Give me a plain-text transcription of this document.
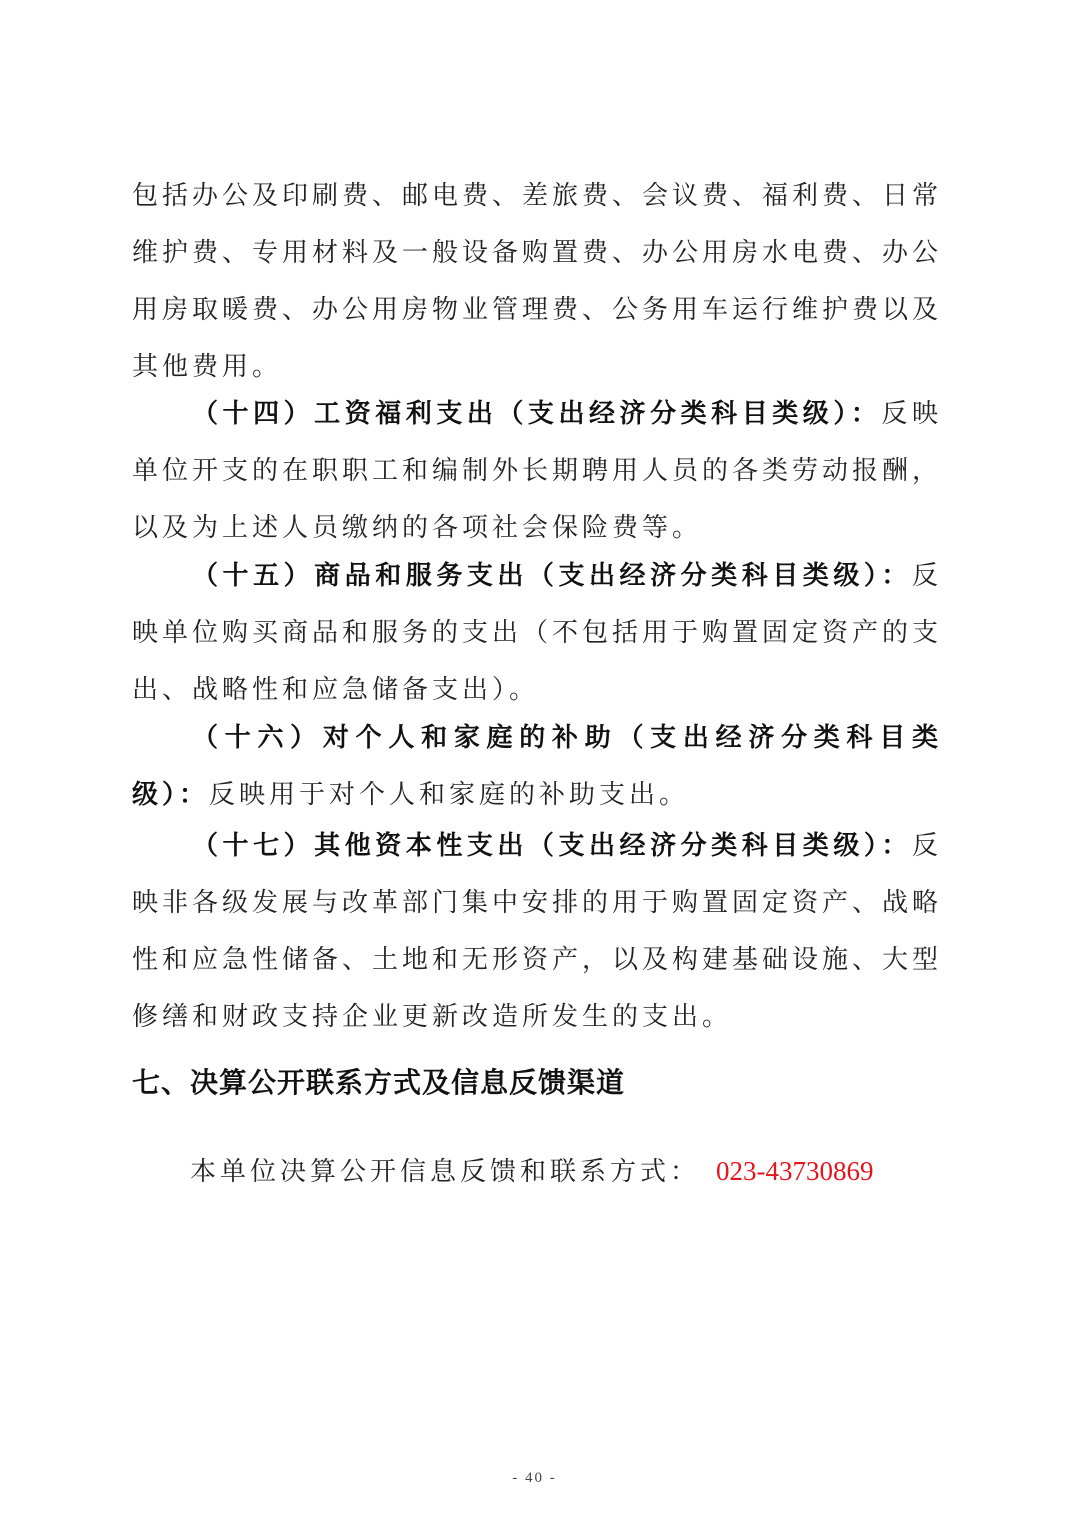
包括办公及印刷费、邮电费、差旅费、会议费、福利费、日常维护费、专用材料及一般设备购置费、办公用房水电费、办公用房取暖费、办公用房物业管理费、公务用车运行维护费以及其他费用。

（十四）工资福利支出（支出经济分类科目类级）：反映单位开支的在职职工和编制外长期聘用人员的各类劳动报酬，以及为上述人员缴纳的各项社会保险费等。

（十五）商品和服务支出（支出经济分类科目类级）：反映单位购买商品和服务的支出（不包括用于购置固定资产的支出、战略性和应急储备支出）。

（十六）对个人和家庭的补助（支出经济分类科目类级）：反映用于对个人和家庭的补助支出。

（十七）其他资本性支出（支出经济分类科目类级）：反映非各级发展与改革部门集中安排的用于购置固定资产、战略性和应急性储备、土地和无形资产，以及构建基础设施、大型修缮和财政支持企业更新改造所发生的支出。

七、决算公开联系方式及信息反馈渠道

本单位决算公开信息反馈和联系方式： 023-43730869

- 40 -
